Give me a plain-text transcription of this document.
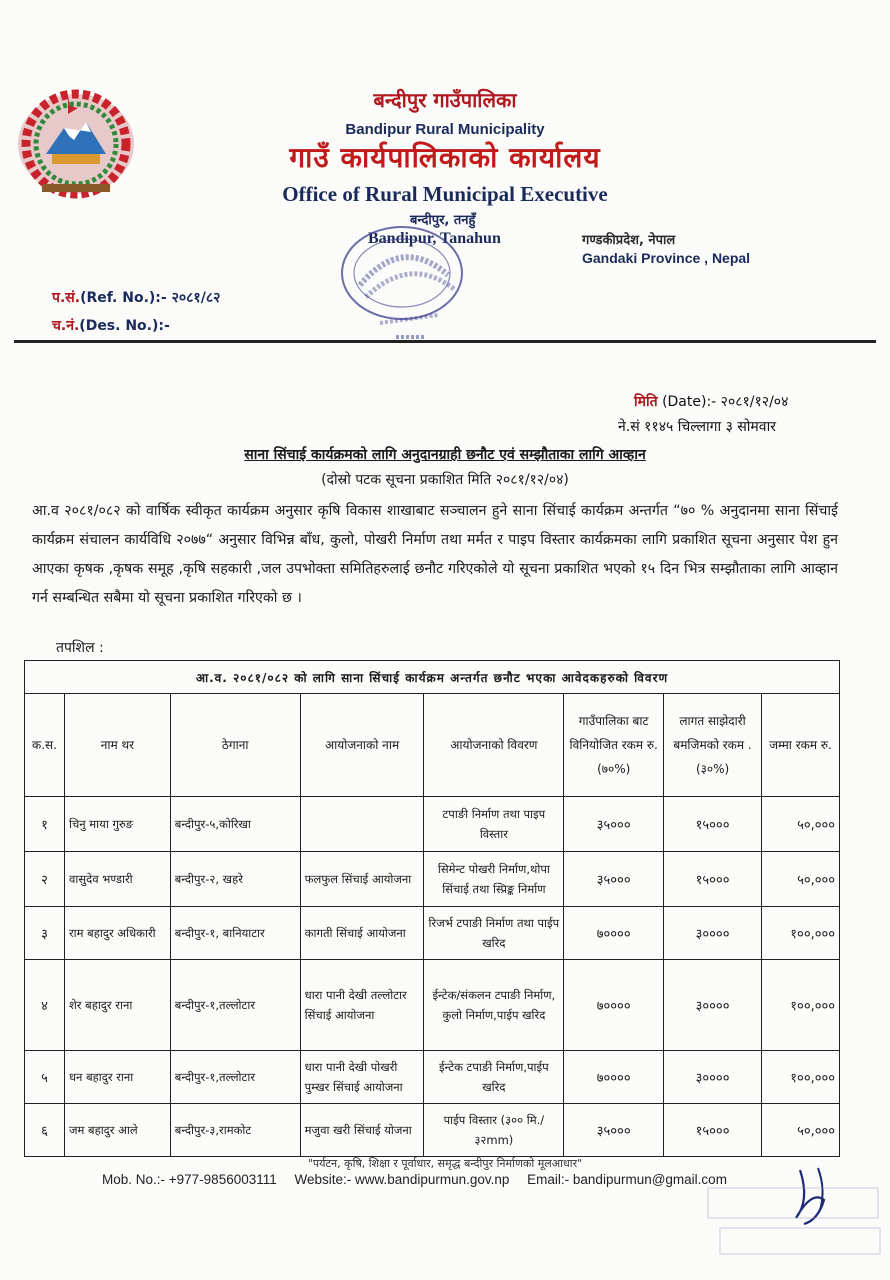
बन्दीपुर गाउँपालिका
Bandipur Rural Municipality
गाउँ कार्यपालिकाको कार्यालय
Office of Rural Municipal Executive
बन्दीपुर, तनहुँ
Bandipur, Tanahun	गण्डकीप्रदेश, नेपाल
Gandaki Province , Nepal
प.सं.(Ref. No.):- २०८१/८२
च.नं.(Des. No.):-
मिति (Date):- २०८१/१२/०४
ने.सं ११४५ चिल्लागा ३ सोमवार
साना सिंचाई कार्यक्रमको लागि अनुदानग्राही छनौट एवं सम्झौताका लागि आव्हान
(दोस्रो पटक सूचना प्रकाशित मिति २०८१/१२/०४)
आ.व २०८१/०८२ को वार्षिक स्वीकृत कार्यक्रम अनुसार कृषि विकास शाखाबाट सञ्चालन हुने साना सिंचाई कार्यक्रम अन्तर्गत “७० % अनुदानमा साना सिंचाई कार्यक्रम संचालन कार्यविधि २०७७“ अनुसार विभिन्न बाँध, कुलो, पोखरी निर्माण तथा मर्मत र पाइप विस्तार कार्यक्रमका लागि प्रकाशित सूचना अनुसार पेश हुन आएका कृषक ,कृषक समूह ,कृषि सहकारी ,जल उपभोक्ता समितिहरुलाई छनौट गरिएकोले यो सूचना प्रकाशित भएको १५ दिन भित्र सम्झौताका लागि आव्हान गर्न सम्बन्धित सबैमा यो सूचना प्रकाशित गरिएको छ ।
तपशिल :
आ.व. २०८१/०८२ को लागि साना सिंचाई कार्यक्रम अन्तर्गत छनौट भएका आवेदकहरुको विवरण							
क.स.	नाम थर	ठेगाना	आयोजनाको नाम	आयोजनाको विवरण	गाउँपालिका बाट विनियोजित रकम रु. (७०%)	लागत साझेदारी बमजिमको रकम .(३०%)	जम्मा रकम रु.
१	चिनु माया गुरुङ	बन्दीपुर-५,कोरिखा		टपाङी निर्माण तथा पाइप विस्तार	३५०००	१५०००	५०,०००
२	वासुदेव भण्डारी	बन्दीपुर-२, खहरे	फलफुल सिंचाई आयोजना	सिमेन्ट पोखरी निर्माण,थोपा सिंचाई तथा स्प्रिङ्क निर्माण	३५०००	१५०००	५०,०००
३	राम बहादुर अधिकारी	बन्दीपुर-१, बानियाटार	कागती सिंचाई आयोजना	रिजर्भ टपाङी निर्माण तथा पाईप खरिद	७००००	३००००	१००,०००
४	शेर बहादुर राना	बन्दीपुर-१,तल्लोटार	धारा पानी देखी तल्लोटार सिंचाई आयोजना	ईन्टेक/संकलन टपाङी निर्माण, कुलो निर्माण,पाईप खरिद	७००००	३००००	१००,०००
५	धन बहादुर राना	बन्दीपुर-१,तल्लोटार	धारा पानी देखी पोखरी पुम्खर सिंचाई आयोजना	ईन्टेक टपाङी निर्माण,पाईप खरिद	७००००	३००००	१००,०००
६	जम बहादुर आले	बन्दीपुर-३,रामकोट	मजुवा खरी सिंचाई योजना	पाईप विस्तार (३०० मि./३२mm)	३५०००	१५०००	५०,०००
"पर्यटन, कृषि, शिक्षा र पूर्वाधार, समृद्ध बन्दीपुर निर्माणको मूलआधार"
Mob. No.:- +977-9856003111 Website:- www.bandipurmun.gov.np Email:- bandipurmun@gmail.com
